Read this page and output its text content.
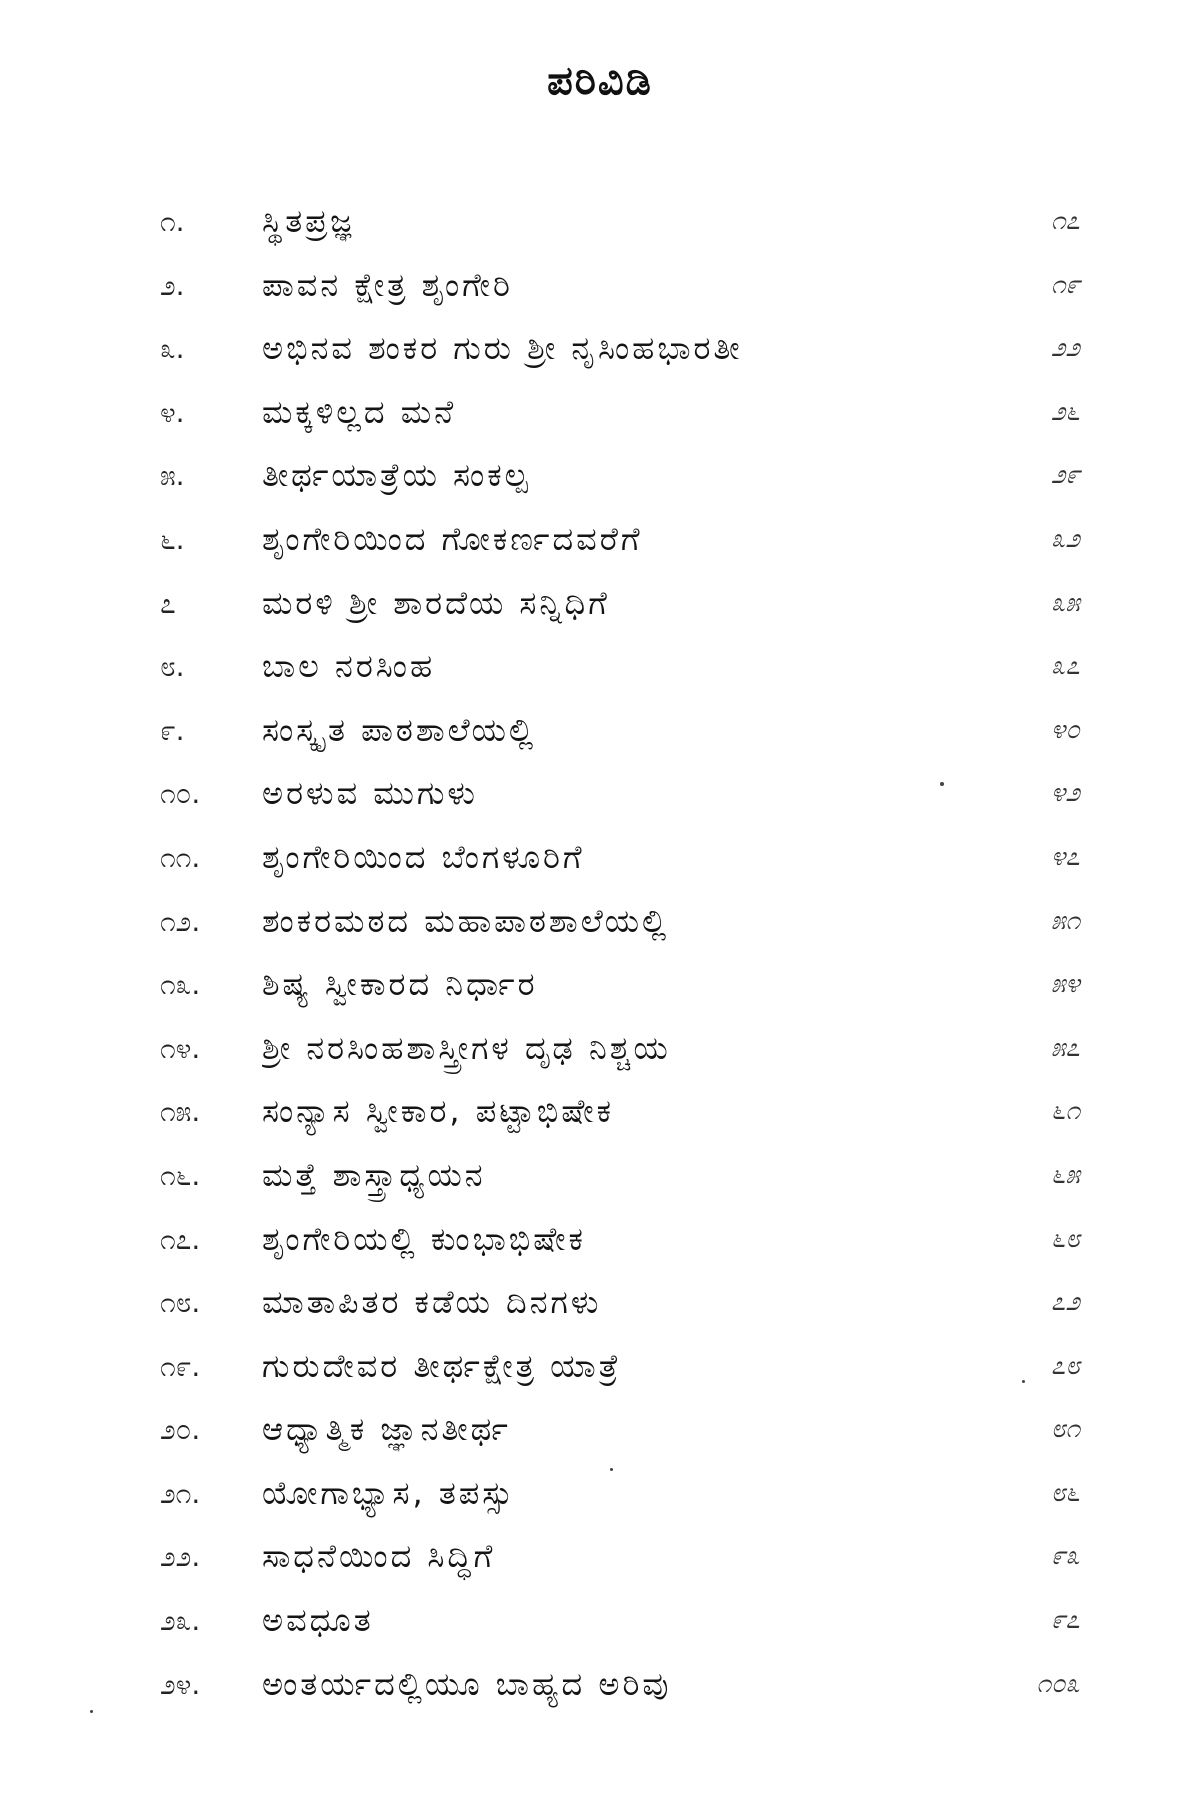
ಪರಿವಿಡಿ
೧.	ಸ್ಥಿತಪ್ರಜ್ಞ	೧೭
೨.	ಪಾವನ ಕ್ಷೇತ್ರ ಶೃಂಗೇರಿ	೧೯
೩.	ಅಭಿನವ ಶಂಕರ ಗುರು ಶ್ರೀ ನೃಸಿಂಹಭಾರತೀ	೨೨
೪.	ಮಕ್ಕಳಿಲ್ಲದ ಮನೆ	೨೬
೫.	ತೀರ್ಥಯಾತ್ರೆಯ ಸಂಕಲ್ಪ	೨೯
೬.	ಶೃಂಗೇರಿಯಿಂದ ಗೋಕರ್ಣದವರೆಗೆ	೩೨
೭	ಮರಳಿ ಶ್ರೀ ಶಾರದೆಯ ಸನ್ನಿಧಿಗೆ	೩೫
೮.	ಬಾಲ ನರಸಿಂಹ	೩೭
೯.	ಸಂಸ್ಕೃತ ಪಾಠಶಾಲೆಯಲ್ಲಿ	೪೦
೧೦.	ಅರಳುವ ಮುಗುಳು	೪೨
೧೧.	ಶೃಂಗೇರಿಯಿಂದ ಬೆಂಗಳೂರಿಗೆ	೪೭
೧೨.	ಶಂಕರಮಠದ ಮಹಾಪಾಠಶಾಲೆಯಲ್ಲಿ	೫೧
೧೩.	ಶಿಷ್ಯ ಸ್ವೀಕಾರದ ನಿರ್ಧಾರ	೫೪
೧೪.	ಶ್ರೀ ನರಸಿಂಹಶಾಸ್ತ್ರೀಗಳ ದೃಢ ನಿಶ್ಚಯ	೫೭
೧೫.	ಸಂನ್ಯಾಸ ಸ್ವೀಕಾರ, ಪಟ್ಟಾಭಿಷೇಕ	೬೧
೧೬.	ಮತ್ತೆ ಶಾಸ್ತ್ರಾಧ್ಯಯನ	೬೫
೧೭.	ಶೃಂಗೇರಿಯಲ್ಲಿ ಕುಂಭಾಭಿಷೇಕ	೬೮
೧೮.	ಮಾತಾಪಿತರ ಕಡೆಯ ದಿನಗಳು	೭೨
೧೯.	ಗುರುದೇವರ ತೀರ್ಥಕ್ಷೇತ್ರ ಯಾತ್ರೆ	೭೮
೨೦.	ಆಧ್ಯಾತ್ಮಿಕ ಜ್ಞಾನತೀರ್ಥ	೮೧
೨೧.	ಯೋಗಾಭ್ಯಾಸ, ತಪಸ್ಸು	೮೬
೨೨.	ಸಾಧನೆಯಿಂದ ಸಿದ್ಧಿಗೆ	೯೩
೨೩.	ಅವಧೂತ	೯೭
೨೪.	ಅಂತರ್ಯದಲ್ಲಿಯೂ ಬಾಹ್ಯದ ಅರಿವು	೧೦೩
